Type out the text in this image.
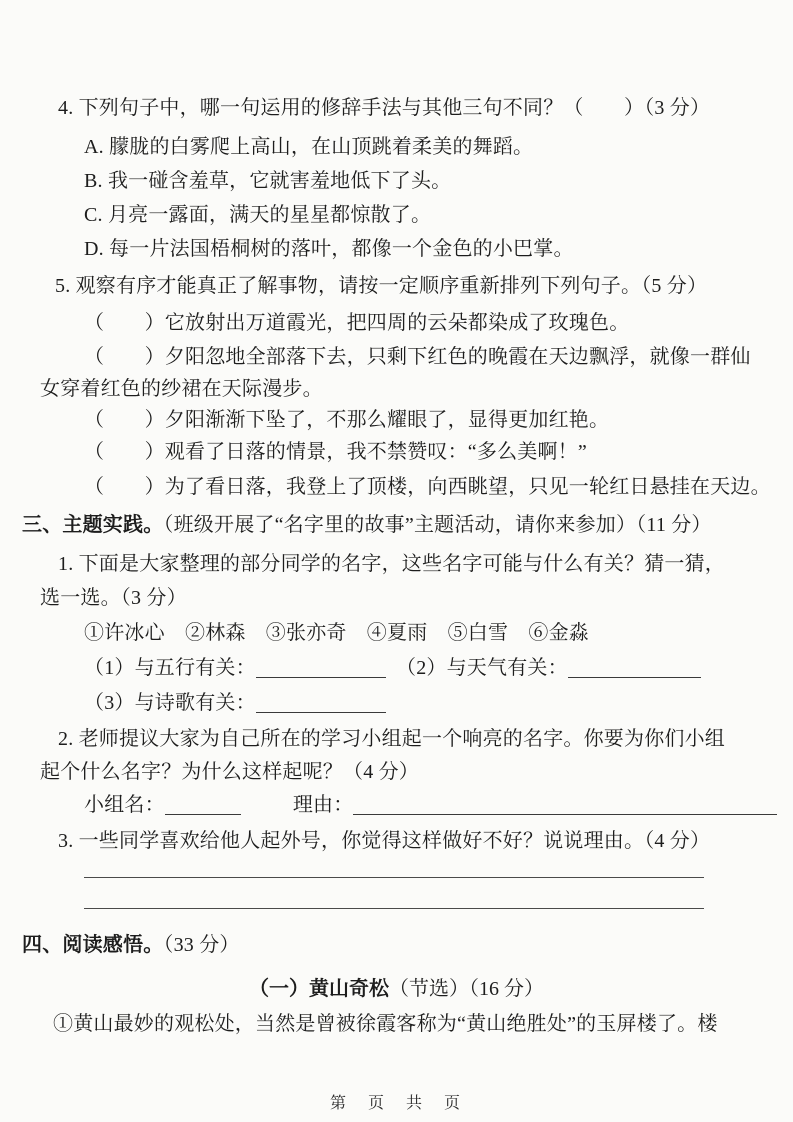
4. 下列句子中，哪一句运用的修辞手法与其他三句不同？（　　）（3 分）
A. 朦胧的白雾爬上高山，在山顶跳着柔美的舞蹈。
B. 我一碰含羞草，它就害羞地低下了头。
C. 月亮一露面，满天的星星都惊散了。
D. 每一片法国梧桐树的落叶，都像一个金色的小巴掌。
5. 观察有序才能真正了解事物，请按一定顺序重新排列下列句子。（5 分）
（　　）它放射出万道霞光，把四周的云朵都染成了玫瑰色。
（　　）夕阳忽地全部落下去，只剩下红色的晚霞在天边飘浮，就像一群仙
女穿着红色的纱裙在天际漫步。
（　　）夕阳渐渐下坠了，不那么耀眼了，显得更加红艳。
（　　）观看了日落的情景，我不禁赞叹：“多么美啊！”
（　　）为了看日落，我登上了顶楼，向西眺望，只见一轮红日悬挂在天边。
三、主题实践。（班级开展了“名字里的故事”主题活动，请你来参加）（11 分）
1. 下面是大家整理的部分同学的名字，这些名字可能与什么有关？猜一猜，
选一选。（3 分）
①许冰心　②林森　③张亦奇　④夏雨　⑤白雪　⑥金淼
（1）与五行有关：	（2）与天气有关：
（3）与诗歌有关：
2. 老师提议大家为自己所在的学习小组起一个响亮的名字。你要为你们小组
起个什么名字？为什么这样起呢？（4 分）
小组名：	理由：
3. 一些同学喜欢给他人起外号，你觉得这样做好不好？说说理由。（4 分）
四、阅读感悟。（33 分）
（一）黄山奇松（节选）（16 分）
①黄山最妙的观松处，当然是曾被徐霞客称为“黄山绝胜处”的玉屏楼了。楼
第　页　共　页
